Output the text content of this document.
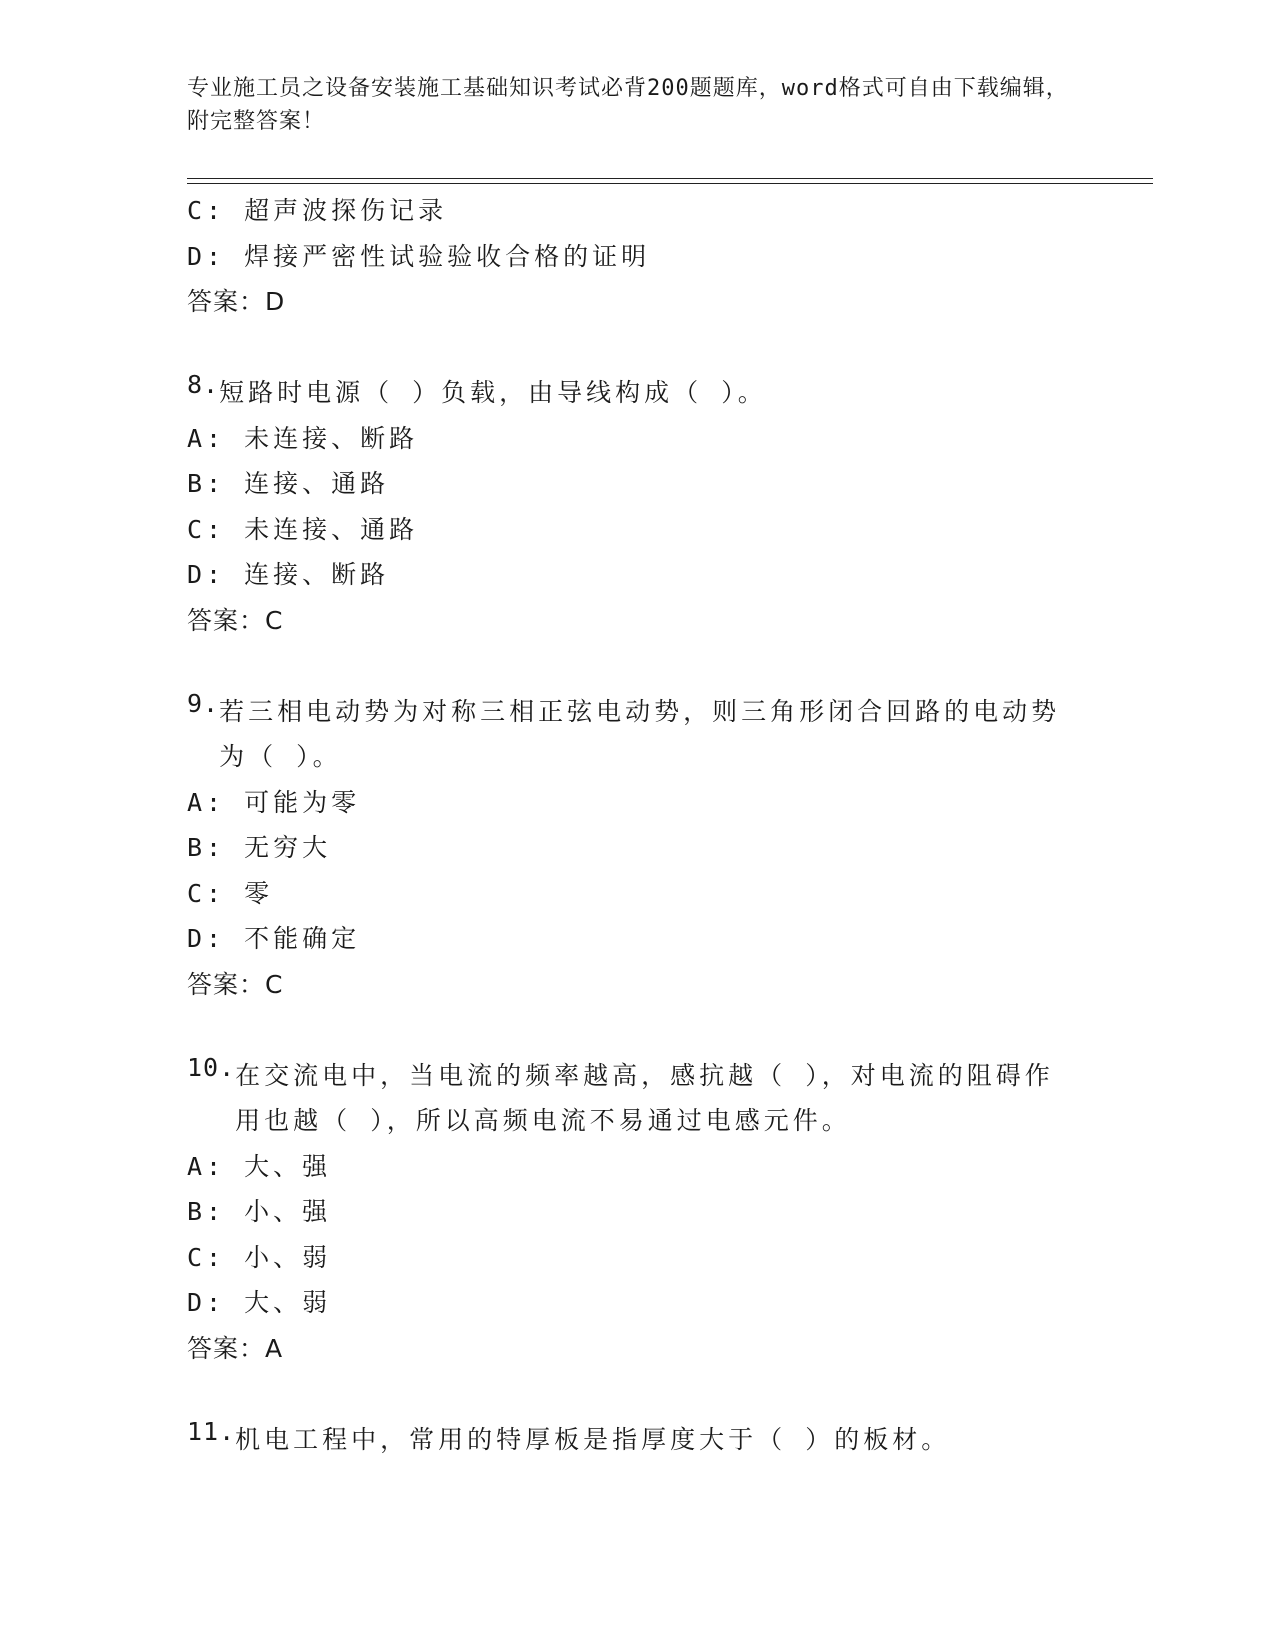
专业施工员之设备安装施工基础知识考试必背200题题库，word格式可自由下载编辑，附完整答案！
C: 超声波探伤记录
D: 焊接严密性试验验收合格的证明
答案：D
8. 短路时电源（ ）负载，由导线构成（ ）。
A: 未连接、断路
B: 连接、通路
C: 未连接、通路
D: 连接、断路
答案：C
9. 若三相电动势为对称三相正弦电动势，则三角形闭合回路的电动势为（ ）。
A: 可能为零
B: 无穷大
C: 零
D: 不能确定
答案：C
10. 在交流电中，当电流的频率越高，感抗越（ ），对电流的阻碍作用也越（ ），所以高频电流不易通过电感元件。
A: 大、强
B: 小、强
C: 小、弱
D: 大、弱
答案：A
11. 机电工程中，常用的特厚板是指厚度大于（ ）的板材。
